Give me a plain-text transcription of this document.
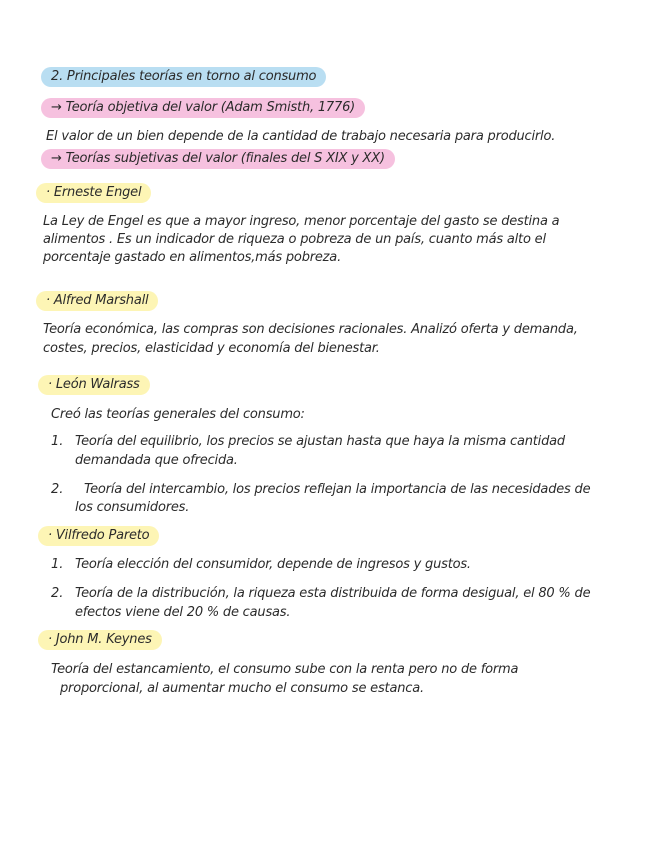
2. Principales teorías en torno al consumo
→ Teoría objetiva del valor (Adam Smisth, 1776)

El valor de un bien depende de la cantidad de trabajo necesaria para producirlo.

→ Teorías subjetivas del valor (finales del S XIX y XX)
· Erneste Engel

La Ley de Engel es que a mayor ingreso, menor porcentaje del gasto se destina a

alimentos . Es un indicador de riqueza o pobreza de un país, cuanto más alto el

porcentaje gastado en alimentos,más pobreza.

· Alfred Marshall

Teoría económica, las compras son decisiones racionales. Analizó oferta y demanda,

costes, precios, elasticidad y economía del bienestar.

· León Walrass

Creó las teorías generales del consumo:

1. Teoría del equilibrio, los precios se ajustan hasta que haya la misma cantidad

demandada que ofrecida.

2. Teoría del intercambio, los precios reflejan la importancia de las necesidades de

los consumidores.

· Vilfredo Pareto
1. Teoría elección del consumidor, depende de ingresos y gustos.

2. Teoría de la distribución, la riqueza esta distribuida de forma desigual, el 80 % de

efectos viene del 20 % de causas.

· John M. Keynes

Teoría del estancamiento, el consumo sube con la renta pero no de forma

proporcional, al aumentar mucho el consumo se estanca.
